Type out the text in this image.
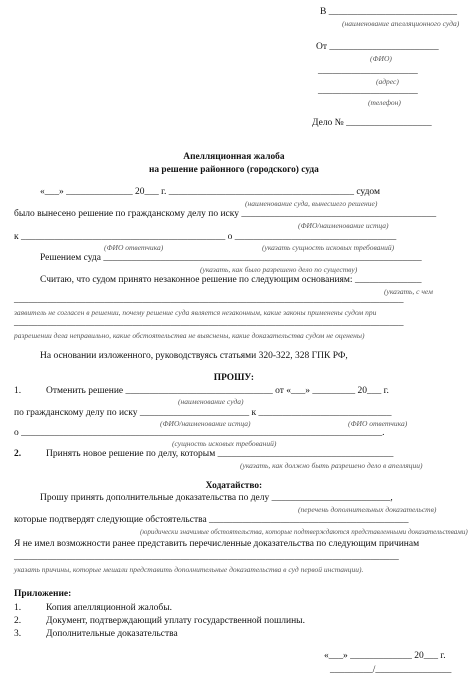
В ___________________________
(наименование апелляционного суда)
От _______________________
(ФИО)
_____________________
(адрес)
_____________________
(телефон)
Дело № __________________
Апелляционная жалоба
на решение районного (городского) суда
«___» ______________ 20___ г. _______________________________________ судом
(наименование суда, вынесшего решение)
было вынесено решение по гражданскому делу по иску _________________________________________
(ФИО/наименование истца)
к ___________________________________________ о __________________________________
(ФИО ответчика)	(указать сущность исковых требований)
Решением суда ___________________________________________________________________
(указать, как было разрешено дело по существу)
Считаю, что судом принято незаконное решение по следующим основаниям: ______________
(указать, с чем
__________________________________________________________________________________
заявитель не согласен в решении, почему решение суда является незаконным, какие законы применены судом при
__________________________________________________________________________________
разрешении дела неправильно, какие обстоятельства не выяснены, какие доказательства судом не оценены)
На основании изложенного, руководствуясь статьями 320-322, 328 ГПК РФ,
ПРОШУ:
1.	Отменить решение _______________________________ от «___» _________ 20___ г.
(наименование суда)
по гражданскому делу по иску _______________________ к ____________________________
(ФИО/наименование истца)	(ФИО ответчика)
о ____________________________________________________________________________.
(сущность исковых требований)
2.	Принять новое решение по делу, которым _____________________________________
(указать, как должно быть разрешено дело в апелляции)
Ходатайство:
Прошу принять дополнительные доказательства по делу _________________________,
(перечень дополнительных доказательств)
которые подтвердят следующие обстоятельства __________________________________________
(юридически значимые обстоятельства, которые подтверждаются представленными доказательствами)
Я не имел возможности ранее представить перечисленные доказательства по следующим причинам
_________________________________________________________________________________
указать причины, которые мешали представить дополнительные доказательства в суд первой инстанции).
Приложение:
1.	Копия апелляционной жалобы.
2.	Документ, подтверждающий уплату государственной пошлины.
3.	Дополнительные доказательства
«___» _____________ 20___ г.
_________/________________
